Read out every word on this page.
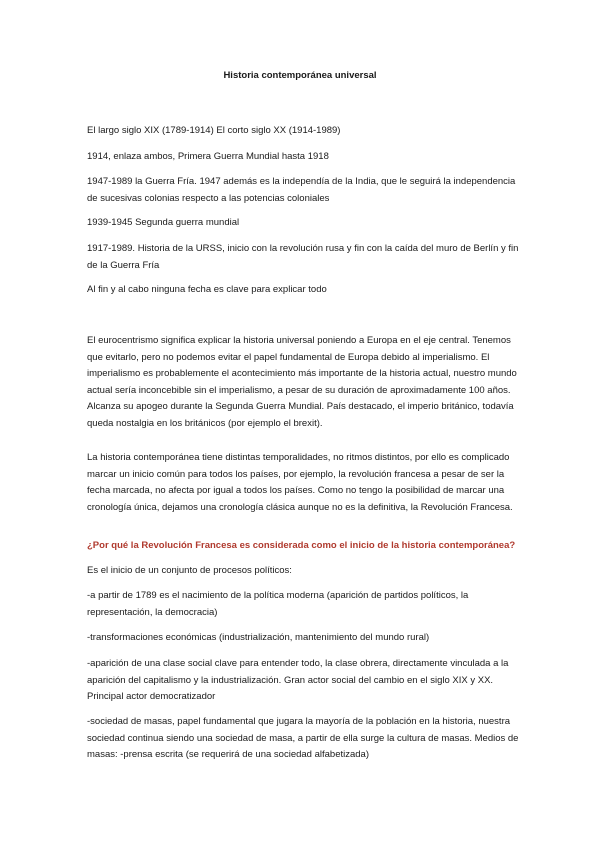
Historia contemporánea universal

El largo siglo XIX (1789-1914) El corto siglo XX (1914-1989)

1914, enlaza ambos, Primera Guerra Mundial hasta 1918

1947-1989 la Guerra Fría. 1947 además es la independía de la India, que le seguirá la independencia de sucesivas colonias respecto a las potencias coloniales

1939-1945 Segunda guerra mundial

1917-1989. Historia de la URSS, inicio con la revolución rusa y fin con la caída del muro de Berlín y fin de la Guerra Fría

Al fin y al cabo ninguna fecha es clave para explicar todo

El eurocentrismo significa explicar la historia universal poniendo a Europa en el eje central. Tenemos que evitarlo, pero no podemos evitar el papel fundamental de Europa debido al imperialismo. El imperialismo es probablemente el acontecimiento más importante de la historia actual, nuestro mundo actual sería inconcebible sin el imperialismo, a pesar de su duración de aproximadamente 100 años. Alcanza su apogeo durante la Segunda Guerra Mundial. País destacado, el imperio británico, todavía queda nostalgia en los británicos (por ejemplo el brexit).

La historia contemporánea tiene distintas temporalidades, no ritmos distintos, por ello es complicado marcar un inicio común para todos los países, por ejemplo, la revolución francesa a pesar de ser la fecha marcada, no afecta por igual a todos los países. Como no tengo la posibilidad de marcar una cronología única, dejamos una cronología clásica aunque no es la definitiva, la Revolución Francesa.

¿Por qué la Revolución Francesa es considerada como el inicio de la historia contemporánea?

Es el inicio de un conjunto de procesos políticos:

-a partir de 1789 es el nacimiento de la política moderna (aparición de partidos políticos, la representación, la democracia)

-transformaciones económicas (industrialización, mantenimiento del mundo rural)

-aparición de una clase social clave para entender todo, la clase obrera, directamente vinculada a la aparición del capitalismo y la industrialización. Gran actor social del cambio en el siglo XIX y XX. Principal actor democratizador

-sociedad de masas, papel fundamental que jugara la mayoría de la población en la historia, nuestra sociedad continua siendo una sociedad de masa, a partir de ella surge la cultura de masas. Medios de masas: -prensa escrita (se requerirá de una sociedad alfabetizada)
